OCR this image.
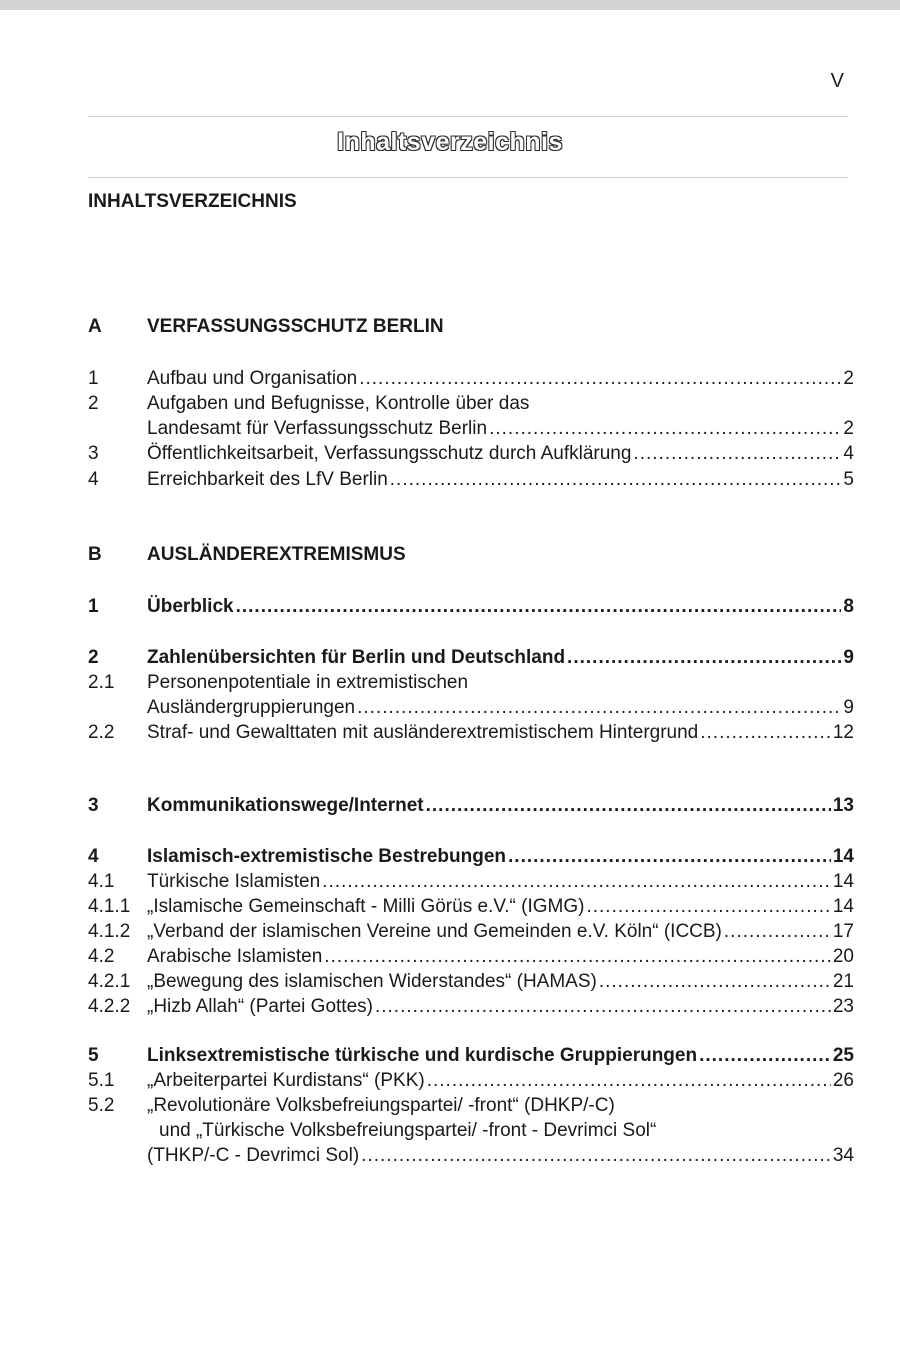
V
Inhaltsverzeichnis
INHALTSVERZEICHNIS
A VERFASSUNGSSCHUTZ BERLIN
1	Aufbau und Organisation .....	2
2	Aufgaben und Befugnisse, Kontrolle über das
Landesamt für Verfassungsschutz Berlin .....	2
3	Öffentlichkeitsarbeit, Verfassungsschutz durch Aufklärung .....	4
4	Erreichbarkeit des LfV Berlin .....	5
B AUSLÄNDEREXTREMISMUS
1	Überblick .....	8
2	Zahlenübersichten für Berlin und Deutschland .....	9
2.1 Personenpotentiale in extremistischen
Ausländergruppierungen .....	9
2.2 Straf- und Gewalttaten mit ausländerextremistischem Hintergrund .....	12
3	Kommunikationswege/Internet .....	13
4	Islamisch-extremistische Bestrebungen .....	14
4.1 Türkische Islamisten .....	14
4.1.1 „Islamische Gemeinschaft - Milli Görüs e.V.“ (IGMG) .....	14
4.1.2 „Verband der islamischen Vereine und Gemeinden e.V. Köln“ (ICCB) .....	17
4.2 Arabische Islamisten .....	20
4.2.1 „Bewegung des islamischen Widerstandes“ (HAMAS) .....	21
4.2.2 „Hizb Allah“ (Partei Gottes) .....	23
5	Linksextremistische türkische und kurdische Gruppierungen .....	25
5.1 „Arbeiterpartei Kurdistans“ (PKK) .....	26
5.2 „Revolutionäre Volksbefreiungspartei/ -front“ (DHKP/-C)
und „Türkische Volksbefreiungspartei/ -front - Devrimci Sol“
(THKP/-C - Devrimci Sol) .....	34
